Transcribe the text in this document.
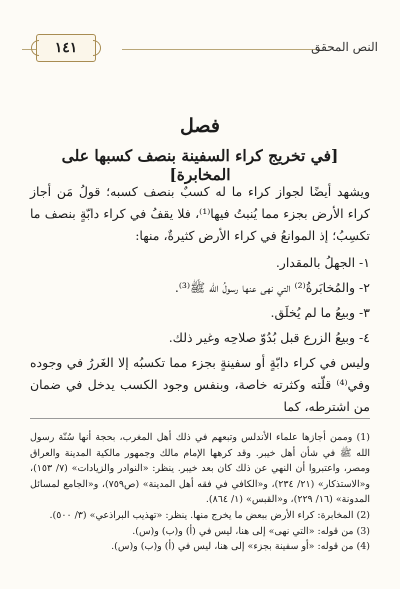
النص المحقق
١٤١
فصل
[في تخريج كراء السفينة بنصف كسبها على المخابرة]
ويشهد أيضًا لجواز كراء ما له كسبٌ بنصف كسبه؛ قولُ مَن أجاز كراء الأرض بجزء مما يُنبتُ فيها⁽¹⁾، فلا يقفُ في كراء دابّةٍ بنصف ما تكسِبُ؛ إذ الموانعُ في كراء الأرض كثيرةٌ، منها:
١- الجهلُ بالمقدار.
٢- والمُخابَرةُ⁽²⁾ التي نهى عنها رسولُ الله ﷺ⁽³⁾.
٣- وبيعُ ما لم يُخلَق.
٤- وبيعُ الزرع قبل بُدُوّ صلاحِه وغير ذلك.
وليس في كراء دابّةٍ أو سفينةٍ بجزء مما تكسبُه إلا الغَررُ في وجوده وفي⁽⁴⁾ قلّته وكثرته خاصة، وبنفس وجود الكسب يدخل في ضمان من اشترطه، كما
(1) وممن أجازها علماء الأندلس وتبعهم في ذلك أهل المغرب، بحجة أنها سُنّة رسول الله ﷺ في شأن أهل خيبر. وقد كرهها الإمام مالك وجمهور مالكية المدينة والعراق ومصر، واعتبروا أن النهي عن ذلك كان بعد خيبر. ينظر: «النوادر والزيادات» (٧/ ١٥٣)، و«الاستذكار» (٢١/ ٢٣٤)، و«الكافي في فقه أهل المدينة» (ص٧٥٩)، و«الجامع لمسائل المدونة» (١٦/ ٢٢٩)، و«القبس» (١/ ٨٦٤).
(2) المخابرة: كراء الأرض ببعض ما يخرج منها. ينظر: «تهذيب البراذعي» (٣/ ٥٠٠).
(3) من قوله: «التي نهى» إلى هنا، ليس في (أ) و(ب) و(س).
(4) من قوله: «أو سفينة بجزء» إلى هنا، ليس في (أ) و(ب) و(س).
